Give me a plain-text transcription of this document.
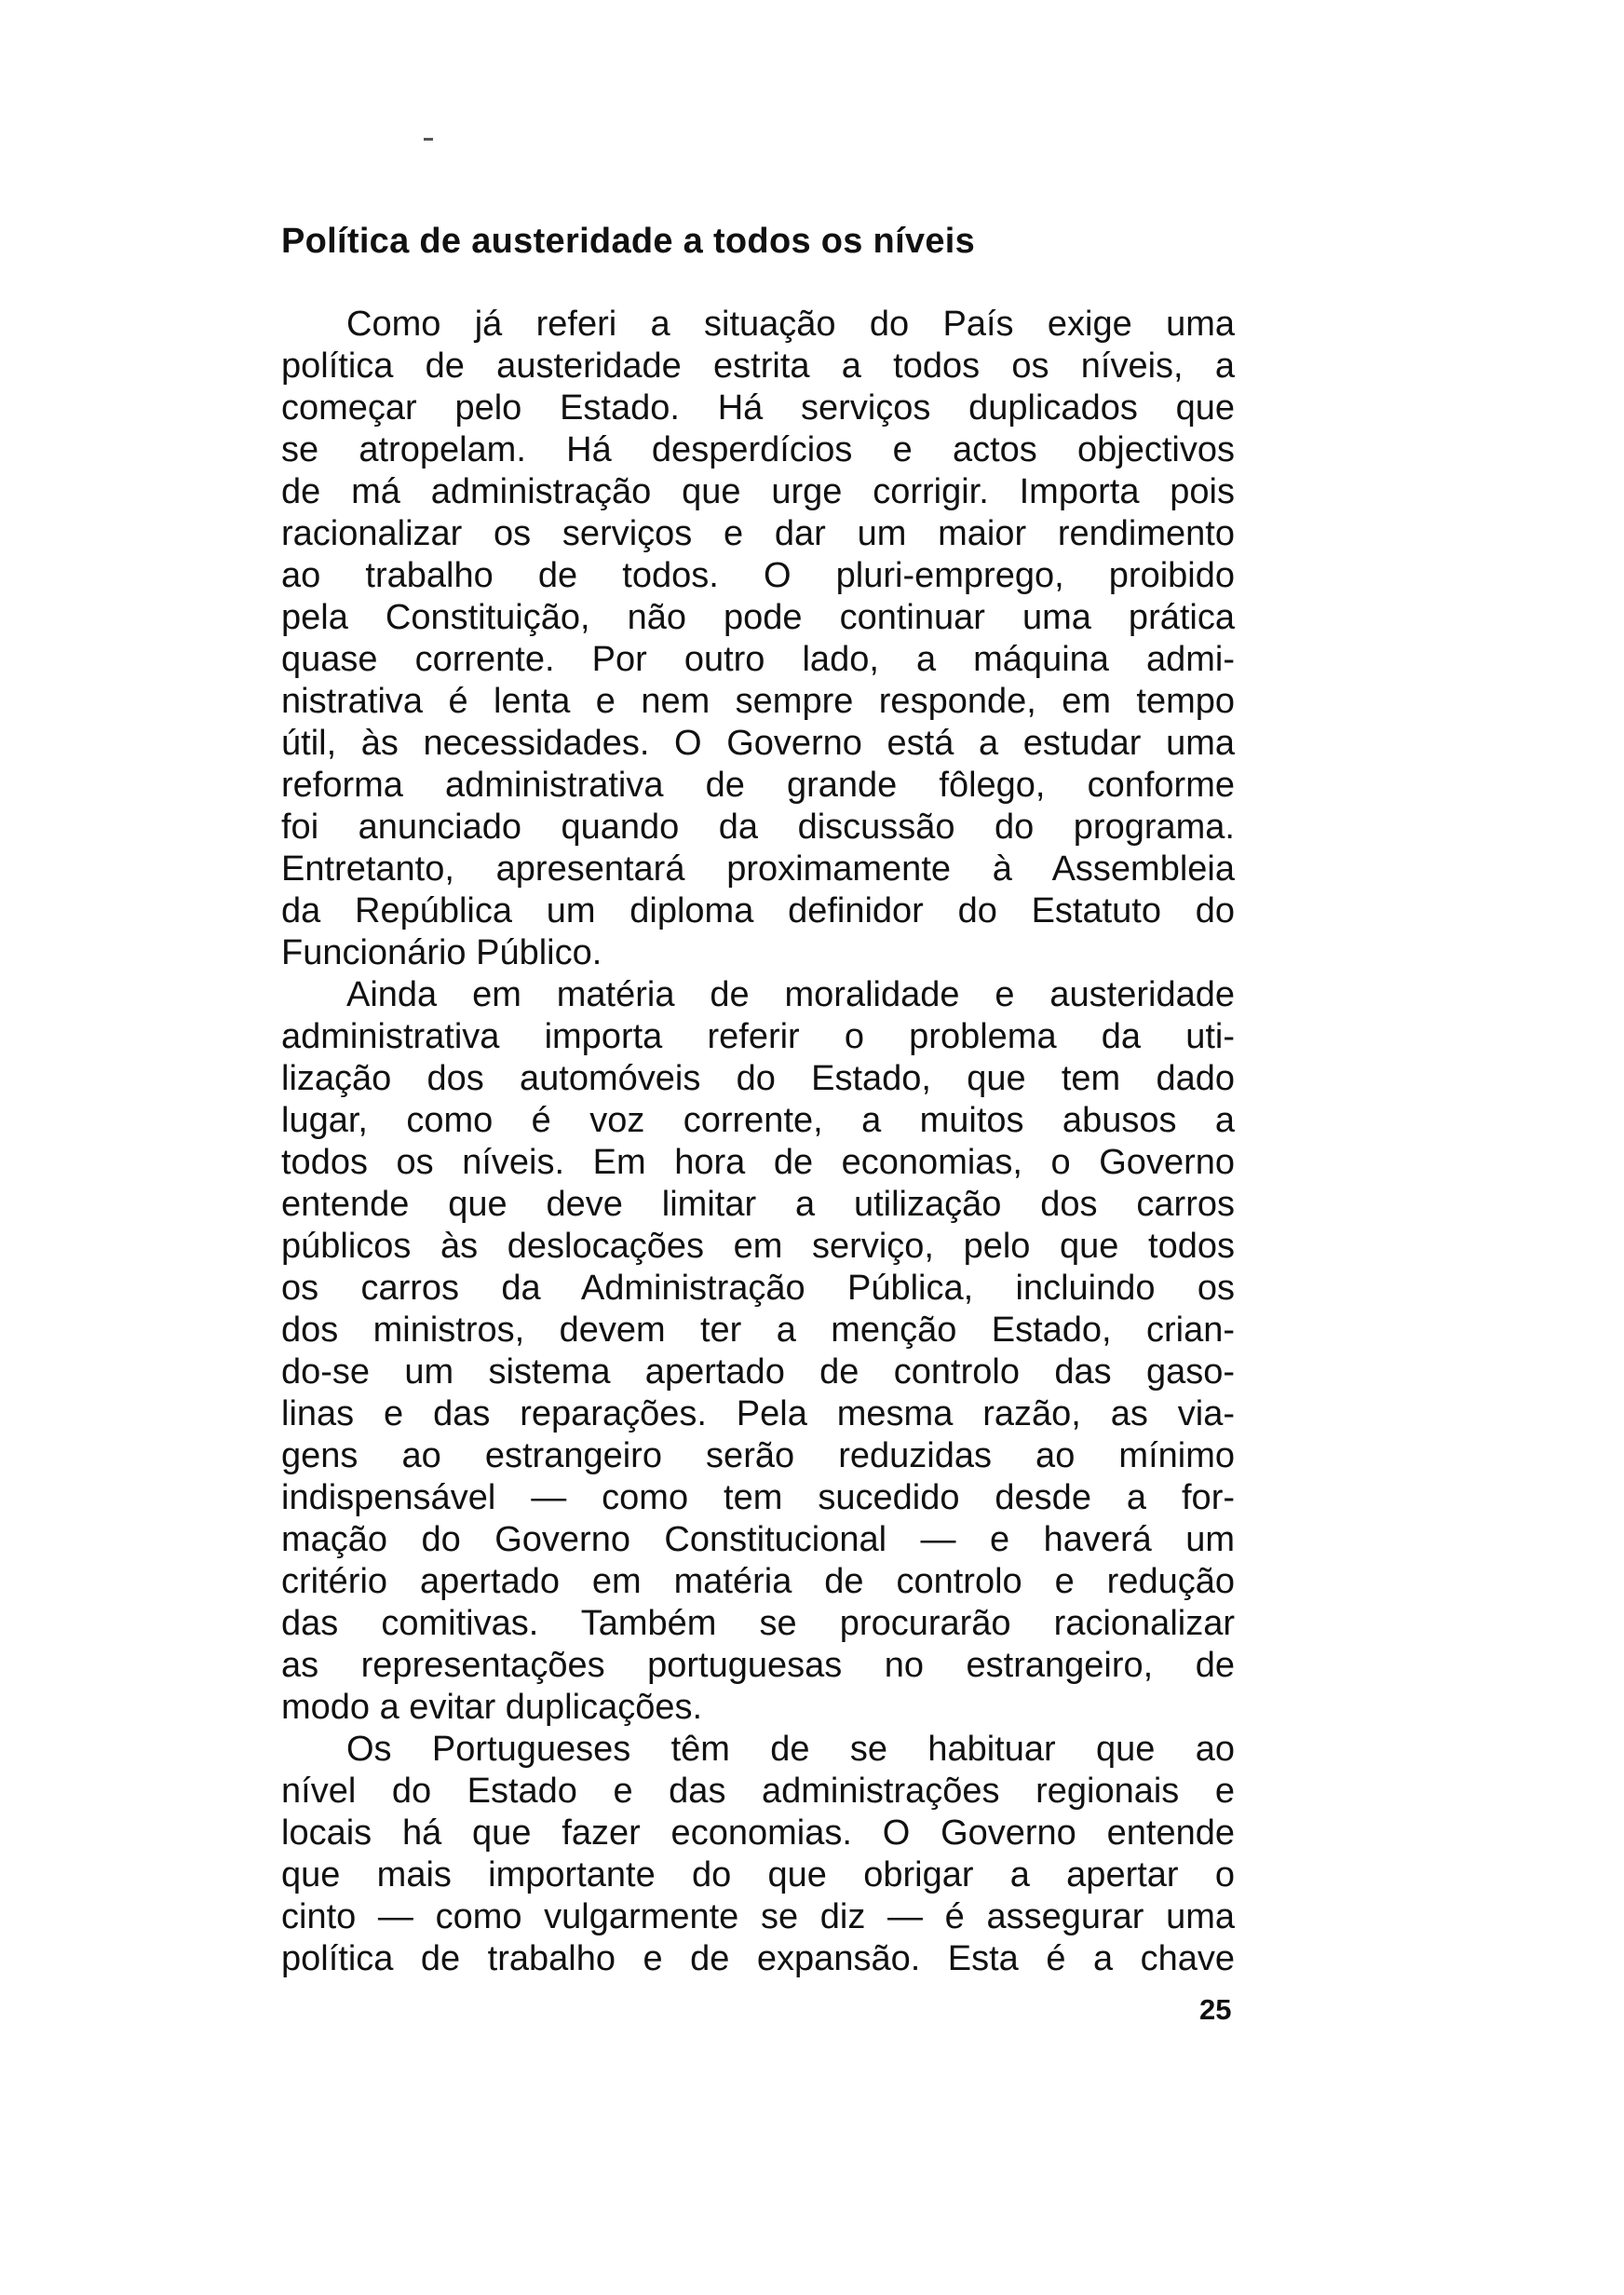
Política de austeridade a todos os níveis
Como já referi a situação do País exige uma
política de austeridade estrita a todos os níveis, a
começar pelo Estado. Há serviços duplicados que
se atropelam. Há desperdícios e actos objectivos
de má administração que urge corrigir. Importa pois
racionalizar os serviços e dar um maior rendimento
ao trabalho de todos. O pluri-emprego, proibido
pela Constituição, não pode continuar uma prática
quase corrente. Por outro lado, a máquina admi-
nistrativa é lenta e nem sempre responde, em tempo
útil, às necessidades. O Governo está a estudar uma
reforma administrativa de grande fôlego, conforme
foi anunciado quando da discussão do programa.
Entretanto, apresentará proximamente à Assembleia
da República um diploma definidor do Estatuto do
Funcionário Público.
Ainda em matéria de moralidade e austeridade
administrativa importa referir o problema da uti-
lização dos automóveis do Estado, que tem dado
lugar, como é voz corrente, a muitos abusos a
todos os níveis. Em hora de economias, o Governo
entende que deve limitar a utilização dos carros
públicos às deslocações em serviço, pelo que todos
os carros da Administração Pública, incluindo os
dos ministros, devem ter a menção Estado, crian-
do-se um sistema apertado de controlo das gaso-
linas e das reparações. Pela mesma razão, as via-
gens ao estrangeiro serão reduzidas ao mínimo
indispensável — como tem sucedido desde a for-
mação do Governo Constitucional — e haverá um
critério apertado em matéria de controlo e redução
das comitivas. Também se procurarão racionalizar
as representações portuguesas no estrangeiro, de
modo a evitar duplicações.
Os Portugueses têm de se habituar que ao
nível do Estado e das administrações regionais e
locais há que fazer economias. O Governo entende
que mais importante do que obrigar a apertar o
cinto — como vulgarmente se diz — é assegurar uma
política de trabalho e de expansão. Esta é a chave
25
